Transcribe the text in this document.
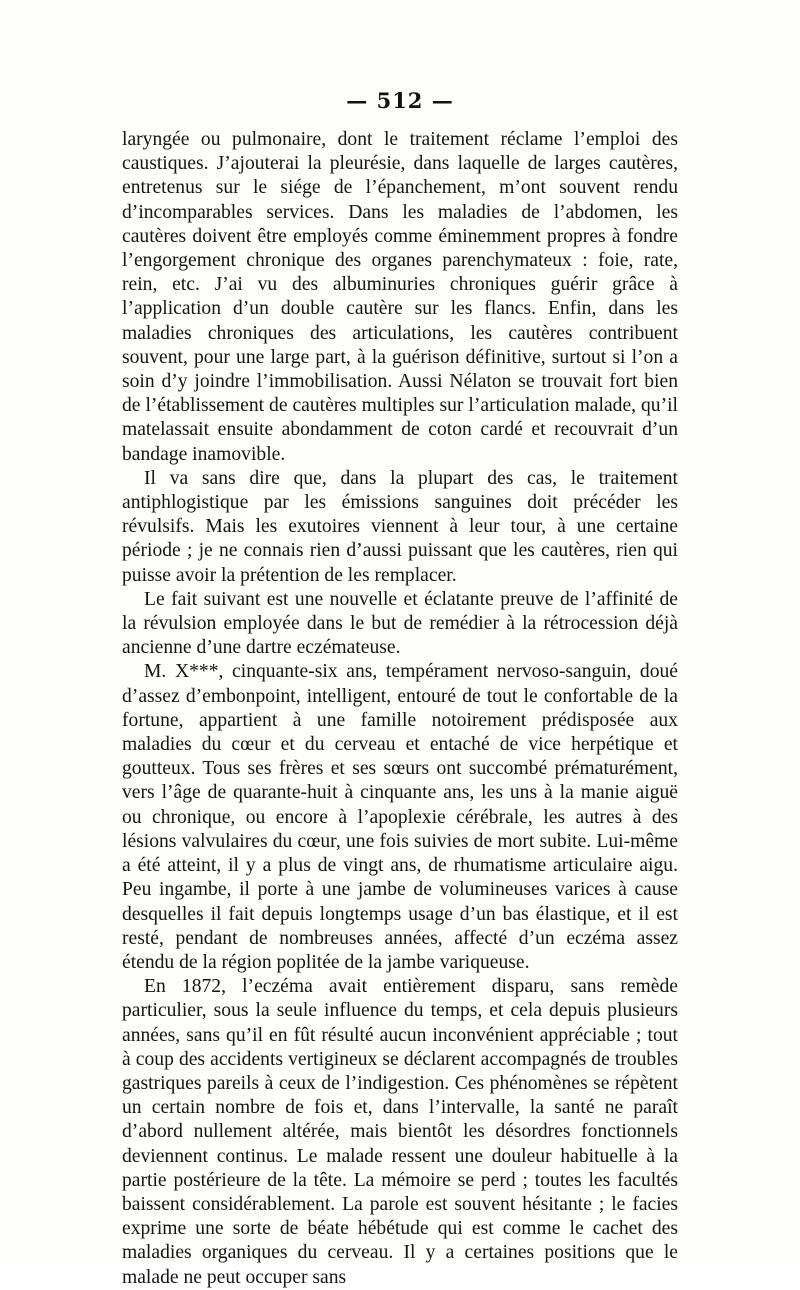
— 512 —

laryngée ou pulmonaire, dont le traitement réclame l’emploi des caustiques. J’ajouterai la pleurésie, dans laquelle de larges cautères, entretenus sur le siége de l’épanchement, m’ont souvent rendu d’incomparables services. Dans les maladies de l’abdomen, les cautères doivent être employés comme éminemment propres à fondre l’engorgement chronique des organes parenchymateux : foie, rate, rein, etc. J’ai vu des albuminuries chroniques guérir grâce à l’application d’un double cautère sur les flancs. Enfin, dans les maladies chroniques des articulations, les cautères contribuent souvent, pour une large part, à la guérison définitive, surtout si l’on a soin d’y joindre l’immobilisation. Aussi Nélaton se trouvait fort bien de l’établissement de cautères multiples sur l’articulation malade, qu’il matelassait ensuite abondamment de coton cardé et recouvrait d’un bandage inamovible.

Il va sans dire que, dans la plupart des cas, le traitement antiphlogistique par les émissions sanguines doit précéder les révulsifs. Mais les exutoires viennent à leur tour, à une certaine période ; je ne connais rien d’aussi puissant que les cautères, rien qui puisse avoir la prétention de les remplacer.

Le fait suivant est une nouvelle et éclatante preuve de l’affinité de la révulsion employée dans le but de remédier à la rétrocession déjà ancienne d’une dartre eczémateuse.

M. X***, cinquante-six ans, tempérament nervoso-sanguin, doué d’assez d’embonpoint, intelligent, entouré de tout le confortable de la fortune, appartient à une famille notoirement prédisposée aux maladies du cœur et du cerveau et entaché de vice herpétique et goutteux. Tous ses frères et ses sœurs ont succombé prématurément, vers l’âge de quarante-huit à cinquante ans, les uns à la manie aiguë ou chronique, ou encore à l’apoplexie cérébrale, les autres à des lésions valvulaires du cœur, une fois suivies de mort subite. Lui-même a été atteint, il y a plus de vingt ans, de rhumatisme articulaire aigu. Peu ingambe, il porte à une jambe de volumineuses varices à cause desquelles il fait depuis longtemps usage d’un bas élastique, et il est resté, pendant de nombreuses années, affecté d’un eczéma assez étendu de la région poplitée de la jambe variqueuse.

En 1872, l’eczéma avait entièrement disparu, sans remède particulier, sous la seule influence du temps, et cela depuis plusieurs années, sans qu’il en fût résulté aucun inconvénient appréciable ; tout à coup des accidents vertigineux se déclarent accompagnés de troubles gastriques pareils à ceux de l’indigestion. Ces phénomènes se répètent un certain nombre de fois et, dans l’intervalle, la santé ne paraît d’abord nullement altérée, mais bientôt les désordres fonctionnels deviennent continus. Le malade ressent une douleur habituelle à la partie postérieure de la tête. La mémoire se perd ; toutes les facultés baissent considérablement. La parole est souvent hésitante ; le facies exprime une sorte de béate hébétude qui est comme le cachet des maladies organiques du cerveau. Il y a certaines positions que le malade ne peut occuper sans
